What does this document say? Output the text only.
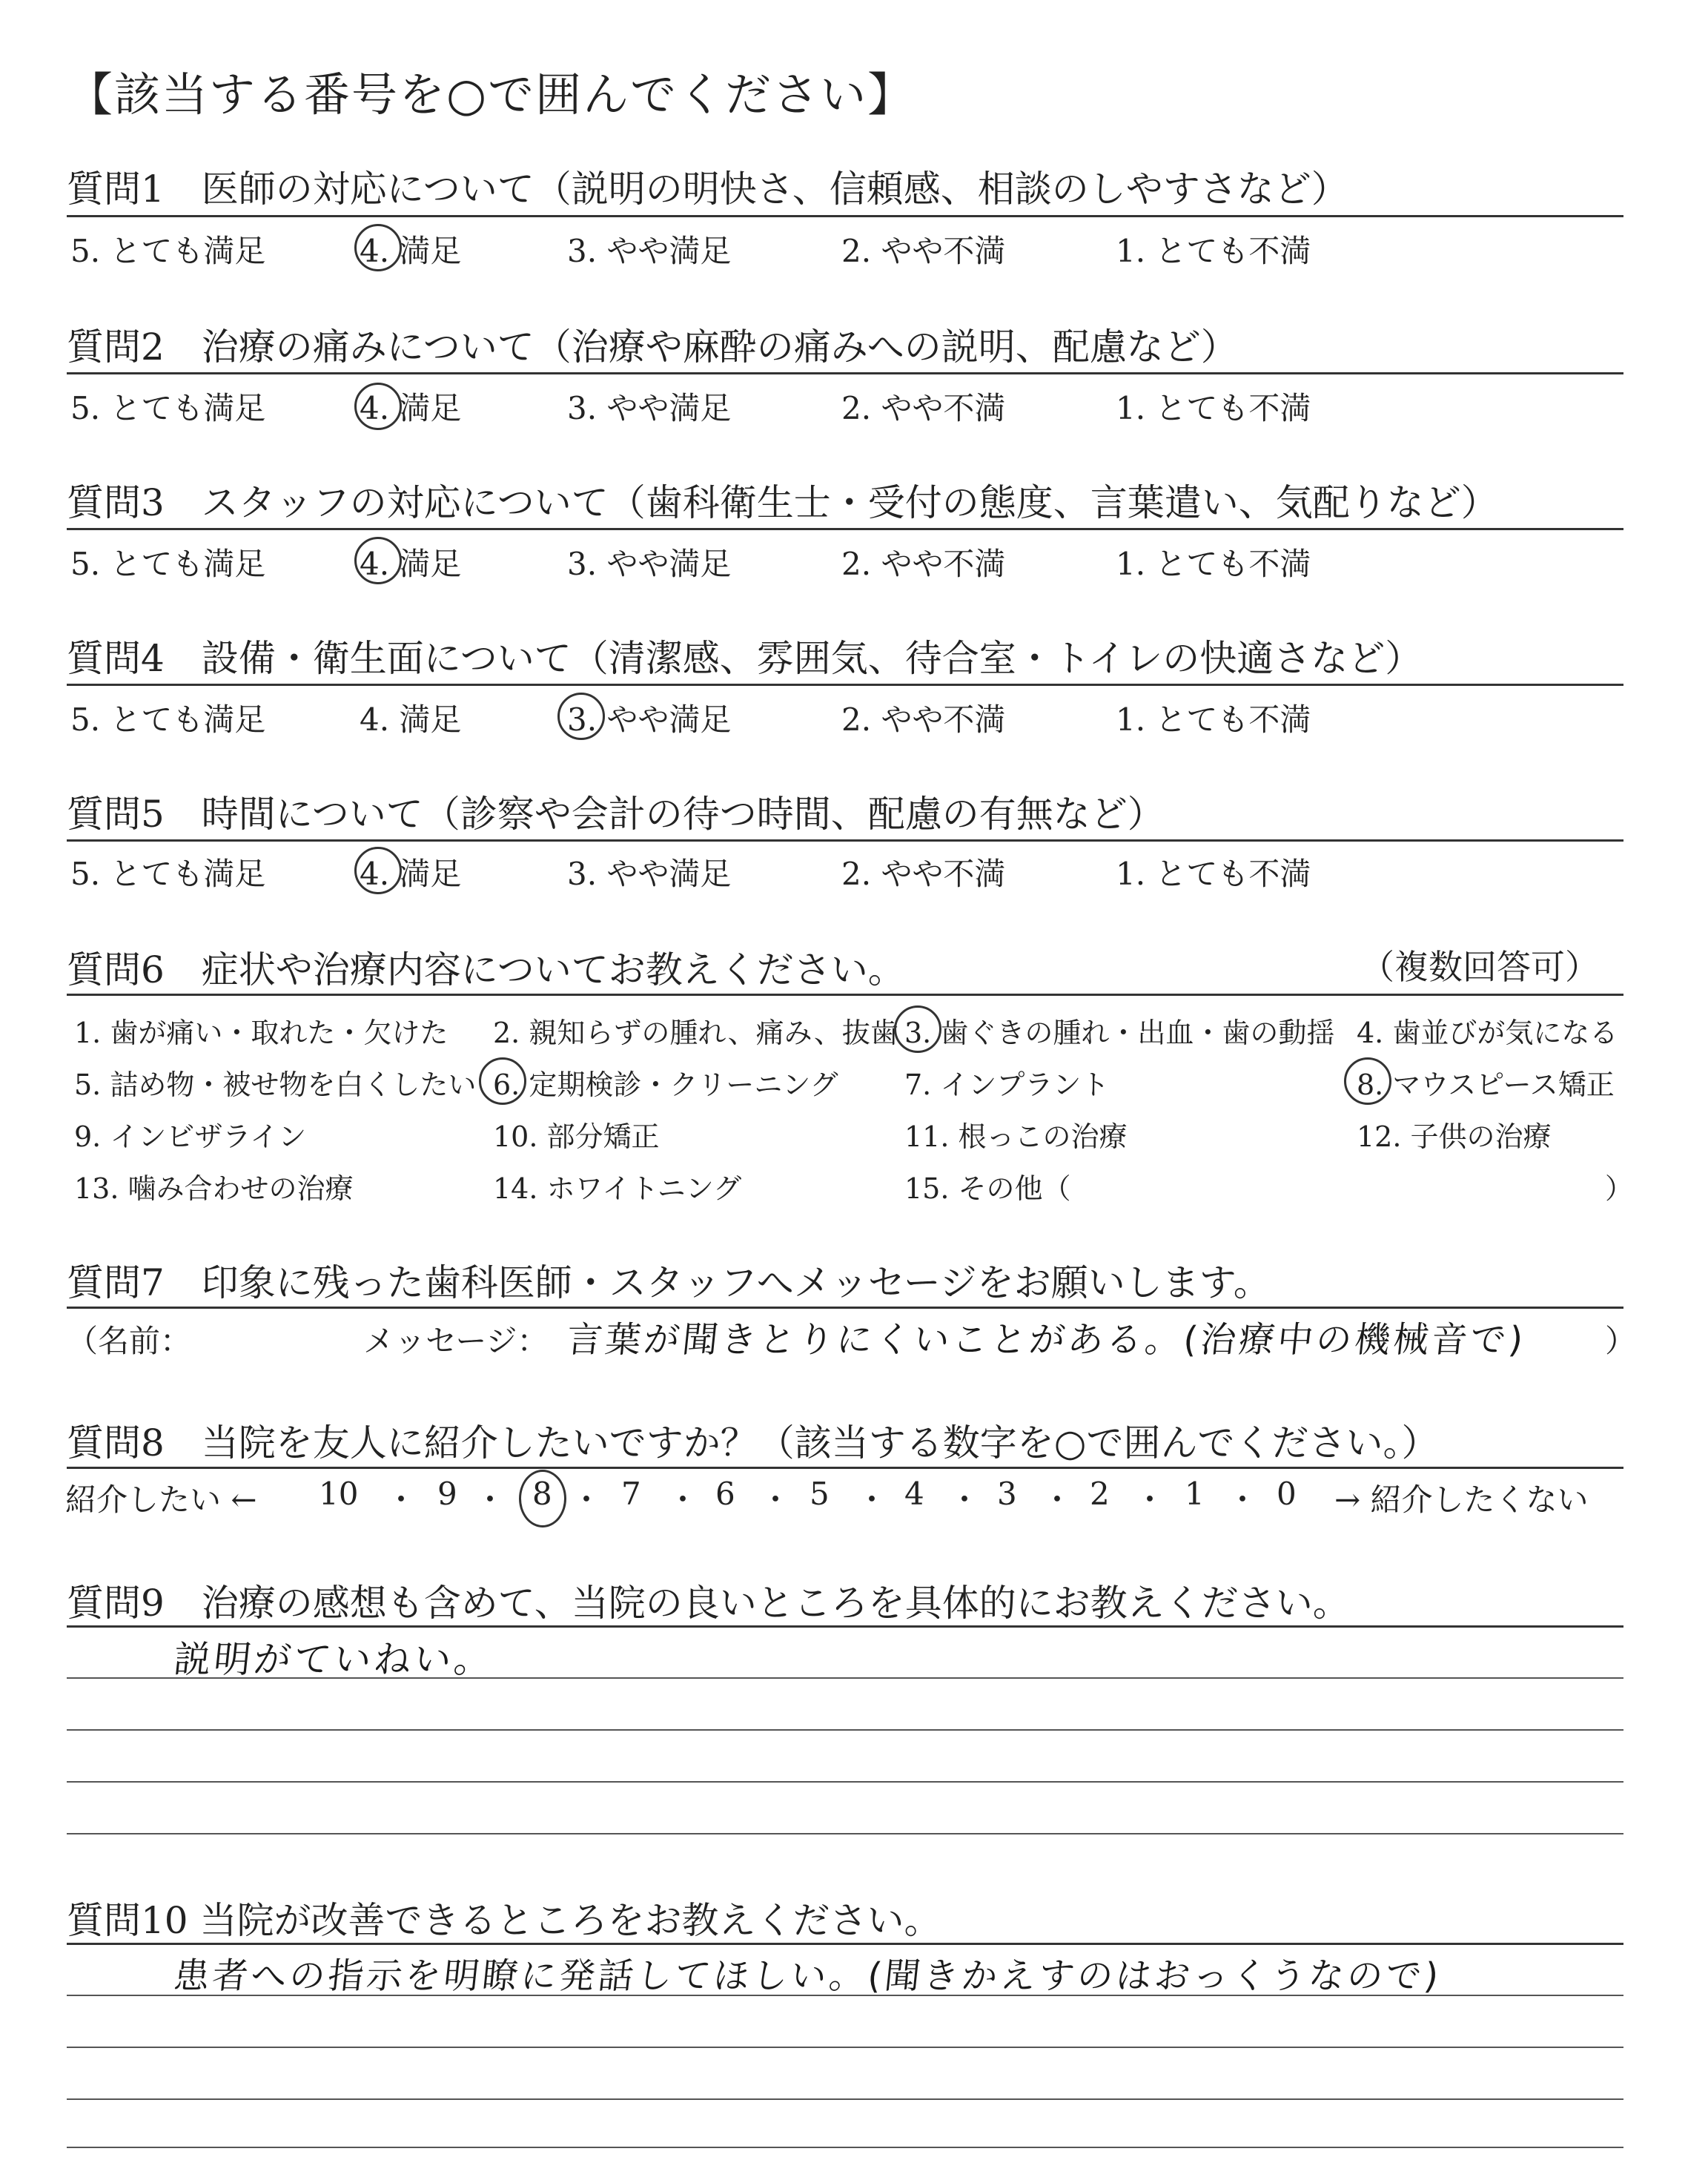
【該当する番号を○で囲んでください】
質問1　医師の対応について（説明の明快さ、信頼感、相談のしやすさなど）
5. とても満足	4. 満足	3. やや満足	2. やや不満	1. とても不満
質問2　治療の痛みについて（治療や麻酔の痛みへの説明、配慮など）
5. とても満足	4. 満足	3. やや満足	2. やや不満	1. とても不満
質問3　スタッフの対応について（歯科衛生士・受付の態度、言葉遣い、気配りなど）
5. とても満足	4. 満足	3. やや満足	2. やや不満	1. とても不満
質問4　設備・衛生面について（清潔感、雰囲気、待合室・トイレの快適さなど）
5. とても満足	4. 満足	3. やや満足	2. やや不満	1. とても不満
質問5　時間について（診察や会計の待つ時間、配慮の有無など）
5. とても満足	4. 満足	3. やや満足	2. やや不満	1. とても不満
質問6　症状や治療内容についてお教えください。	（複数回答可）
1. 歯が痛い・取れた・欠けた 2. 親知らずの腫れ、痛み、抜歯 3. 歯ぐきの腫れ・出血・歯の動揺 4. 歯並びが気になる
5. 詰め物・被せ物を白くしたい 6. 定期検診・クリーニング 7. インプラント	8. マウスピース矯正
9. インビザライン	10. 部分矯正	11. 根っこの治療	12. 子供の治療
13. 噛み合わせの治療	14. ホワイトニング	15. その他（	）
質問7　印象に残った歯科医師・スタッフへメッセージをお願いします。
（名前：	メッセージ： 言葉が聞きとりにくいことがある。(治療中の機械音で) ）
質問8　当院を友人に紹介したいですか？（該当する数字を○で囲んでください。）
紹介したい ← 10 ・ 9 ・ 8 ・ 7 ・ 6 ・ 5 ・ 4 ・ 3 ・ 2 ・ 1 ・ 0 → 紹介したくない
質問9　治療の感想も含めて、当院の良いところを具体的にお教えください。
説明がていねい。
質問10 当院が改善できるところをお教えください。
患者への指示を明瞭に発話してほしい。(聞きかえすのはおっくうなので)
